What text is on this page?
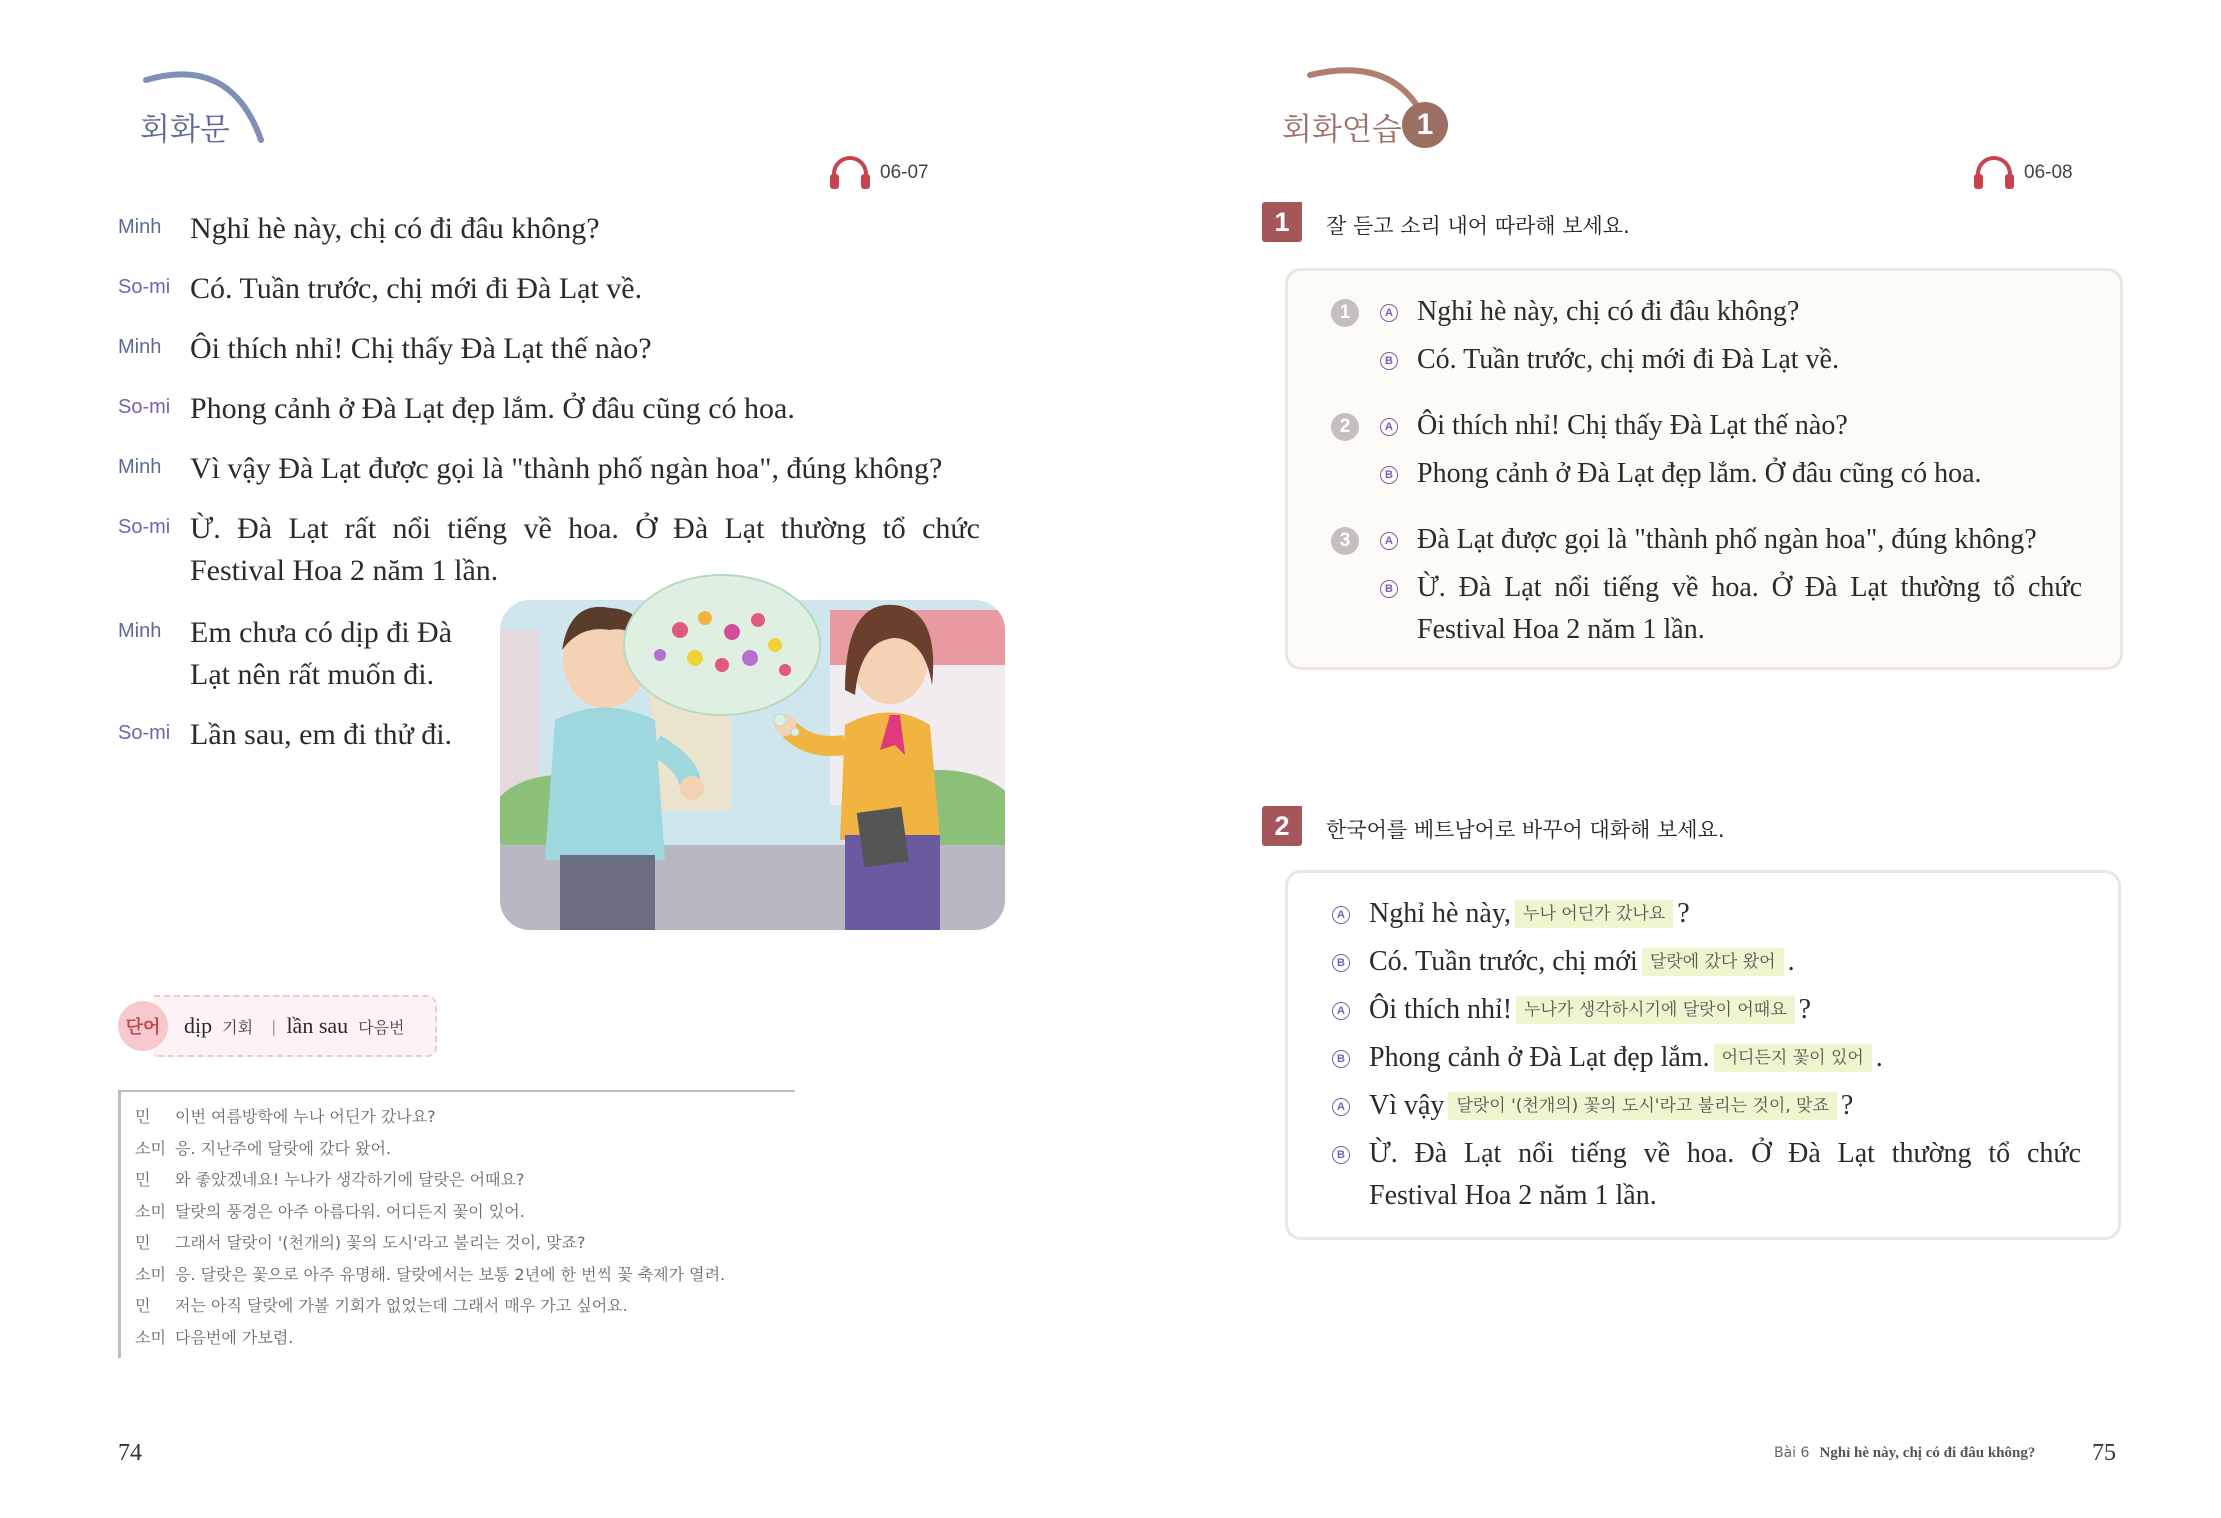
회화문
06-07
Minh Nghỉ hè này, chị có đi đâu không?
So-mi Có. Tuần trước, chị mới đi Đà Lạt về.
Minh Ôi thích nhỉ! Chị thấy Đà Lạt thế nào?
So-mi Phong cảnh ở Đà Lạt đẹp lắm. Ở đâu cũng có hoa.
Minh Vì vậy Đà Lạt được gọi là "thành phố ngàn hoa", đúng không?
So-mi Ừ. Đà Lạt rất nổi tiếng về hoa. Ở Đà Lạt thường tổ chức
Festival Hoa 2 năm 1 lần.
Minh Em chưa có dịp đi Đà
Lạt nên rất muốn đi.
So-mi Lần sau, em đi thử đi.
단어	dịp 기회 | lần sau 다음번
민	이번 여름방학에 누나 어딘가 갔나요?
소미 응. 지난주에 달랏에 갔다 왔어.
민	와 좋았겠네요! 누나가 생각하기에 달랏은 어때요?
소미 달랏의 풍경은 아주 아름다워. 어디든지 꽃이 있어.
민	그래서 달랏이 '(천개의) 꽃의 도시'라고 불리는 것이, 맞죠?
소미 응. 달랏은 꽃으로 아주 유명해. 달랏에서는 보통 2년에 한 번씩 꽃 축제가 열려.
민	저는 아직 달랏에 가볼 기회가 없었는데 그래서 매우 가고 싶어요.
소미 다음번에 가보렴.
74
회화연습 1
06-08
1	잘 듣고 소리 내어 따라해 보세요.
1	A Nghỉ hè này, chị có đi đâu không?
B Có. Tuần trước, chị mới đi Đà Lạt về.
2	A Ôi thích nhỉ! Chị thấy Đà Lạt thế nào?
B Phong cảnh ở Đà Lạt đẹp lắm. Ở đâu cũng có hoa.
3	A Đà Lạt được gọi là "thành phố ngàn hoa", đúng không?
B Ừ. Đà Lạt nổi tiếng về hoa. Ở Đà Lạt thường tổ chức
Festival Hoa 2 năm 1 lần.
2	한국어를 베트남어로 바꾸어 대화해 보세요.
A Nghỉ hè này, 누나 어딘가 갔나요 ?
B Có. Tuần trước, chị mới 달랏에 갔다 왔어 .
A Ôi thích nhỉ! 누나가 생각하시기에 달랏이 어때요 ?
B Phong cảnh ở Đà Lạt đẹp lắm. 어디든지 꽃이 있어 .
A Vì vậy 달랏이 '(천개의) 꽃의 도시'라고 불리는 것이, 맞죠 ?
B Ừ. Đà Lạt nổi tiếng về hoa. Ở Đà Lạt thường tổ chức
Festival Hoa 2 năm 1 lần.
Bài 6 Nghỉ hè này, chị có đi đâu không? 75
